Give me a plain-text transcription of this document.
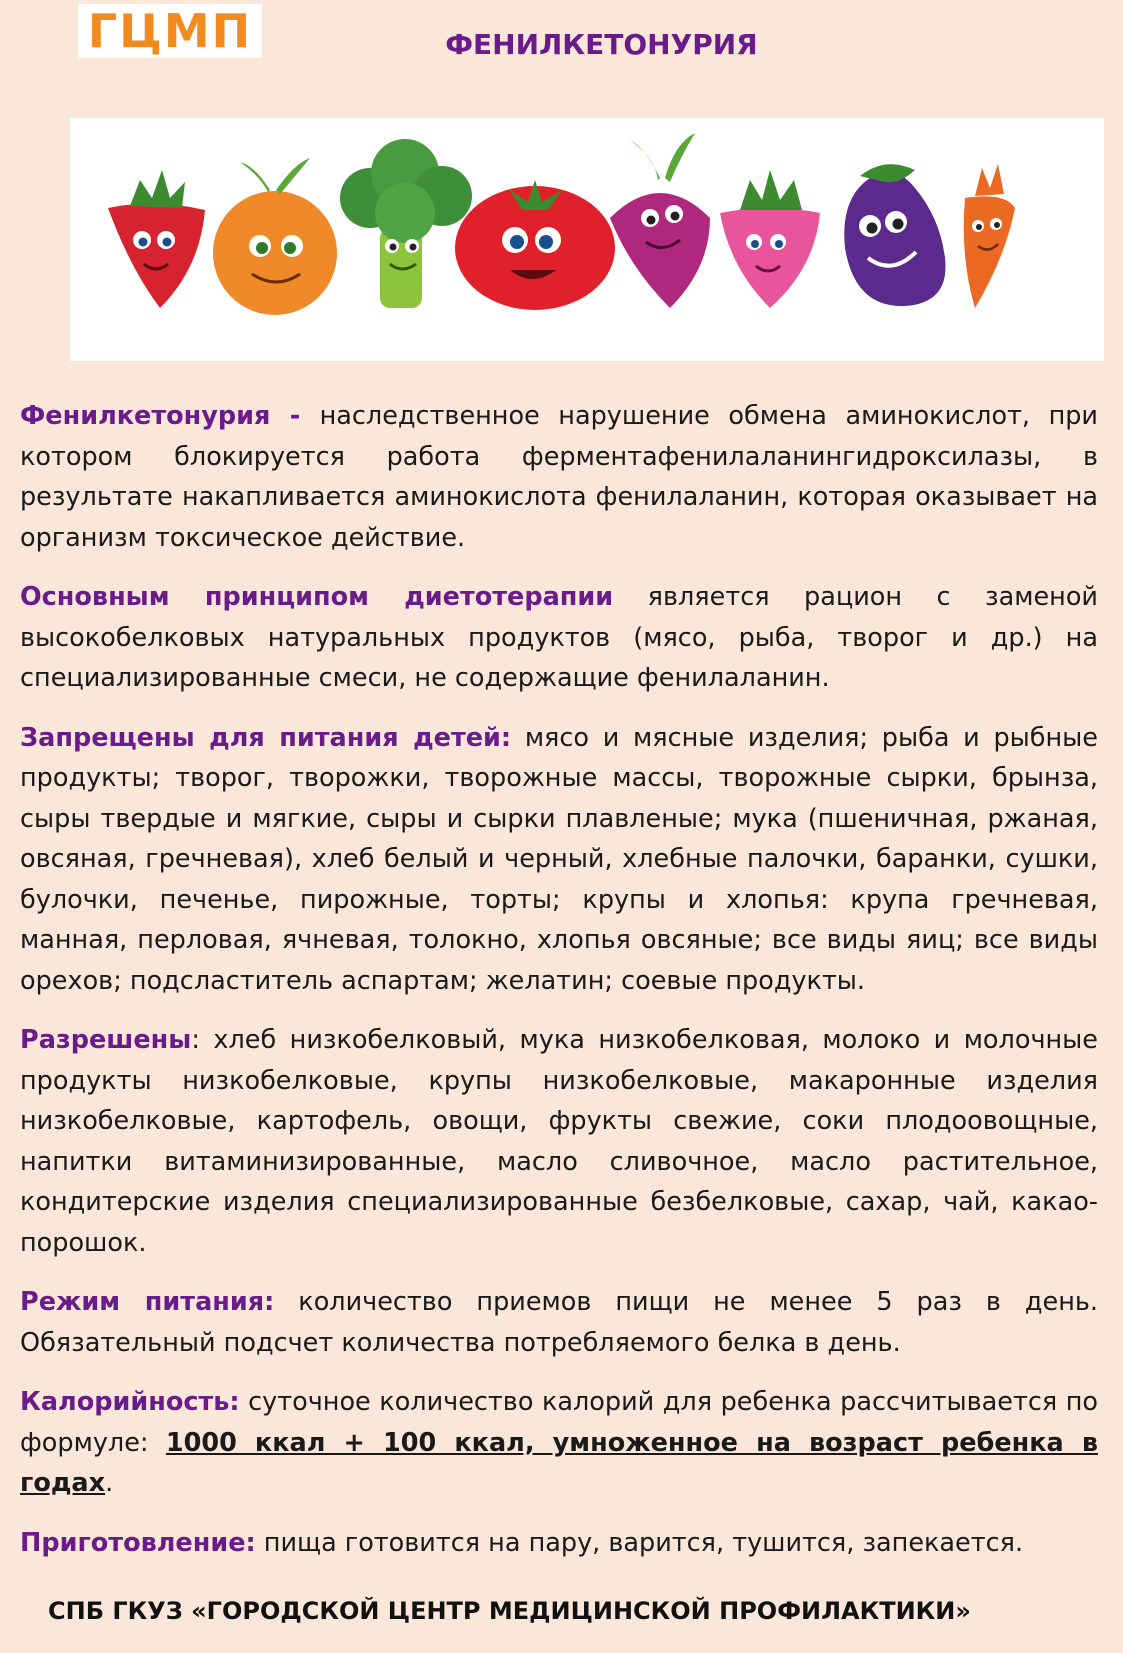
ГЦМП	ФЕНИЛКЕТОНУРИЯ

Фенилкетонурия - наследственное нарушение обмена аминокислот, при котором блокируется работа ферментафенилаланингидроксилазы, в результате накапливается аминокислота фенилаланин, которая оказывает на организм токсическое действие.

Основным принципом диетотерапии является рацион с заменой высокобелковых натуральных продуктов (мясо, рыба, творог и др.) на специализированные смеси, не содержащие фенилаланин.

Запрещены для питания детей: мясо и мясные изделия; рыба и рыбные продукты; творог, творожки, творожные массы, творожные сырки, брынза, сыры твердые и мягкие, сыры и сырки плавленые; мука (пшеничная, ржаная, овсяная, гречневая), хлеб белый и черный, хлебные палочки, баранки, сушки, булочки, печенье, пирожные, торты; крупы и хлопья: крупа гречневая, манная, перловая, ячневая, толокно, хлопья овсяные; все виды яиц; все виды орехов; подсластитель аспартам; желатин; соевые продукты.

Разрешены: хлеб низкобелковый, мука низкобелковая, молоко и молочные продукты низкобелковые, крупы низкобелковые, макаронные изделия низкобелковые, картофель, овощи, фрукты свежие, соки плодоовощные, напитки витаминизированные, масло сливочное, масло растительное, кондитерские изделия специализированные безбелковые, сахар, чай, какао-порошок.

Режим питания: количество приемов пищи не менее 5 раз в день. Обязательный подсчет количества потребляемого белка в день.

Калорийность: суточное количество калорий для ребенка рассчитывается по формуле: 1000 ккал + 100 ккал, умноженное на возраст ребенка в годах.

Приготовление: пища готовится на пару, варится, тушится, запекается.

СПБ ГКУЗ «ГОРОДСКОЙ ЦЕНТР МЕДИЦИНСКОЙ ПРОФИЛАКТИКИ»
